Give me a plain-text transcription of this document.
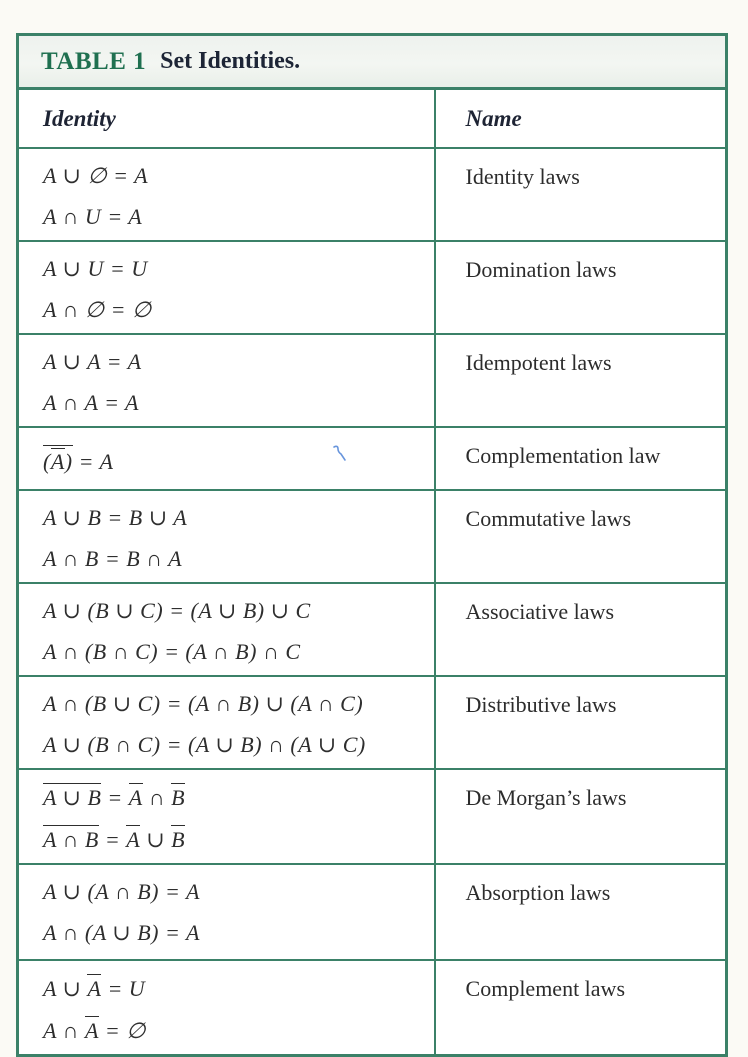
TABLE 1 Set Identities.
Identity	Name
A ∪ ∅ = A
A ∩ U = A
Identity laws
A ∪ U = U
A ∩ ∅ = ∅
Domination laws
A ∪ A = A
A ∩ A = A
Idempotent laws
(A) = A	Complementation law
A ∪ B = B ∪ A
A ∩ B = B ∩ A
Commutative laws
A ∪ (B ∪ C) = (A ∪ B) ∪ C
A ∩ (B ∩ C) = (A ∩ B) ∩ C
Associative laws
A ∩ (B ∪ C) = (A ∩ B) ∪ (A ∩ C)
A ∪ (B ∩ C) = (A ∪ B) ∩ (A ∪ C)
Distributive laws
A ∪ B = A ∩ B
A ∩ B = A ∪ B
De Morgan’s laws
A ∪ (A ∩ B) = A
A ∩ (A ∪ B) = A
Absorption laws
A ∪ A = U
A ∩ A = ∅
Complement laws
